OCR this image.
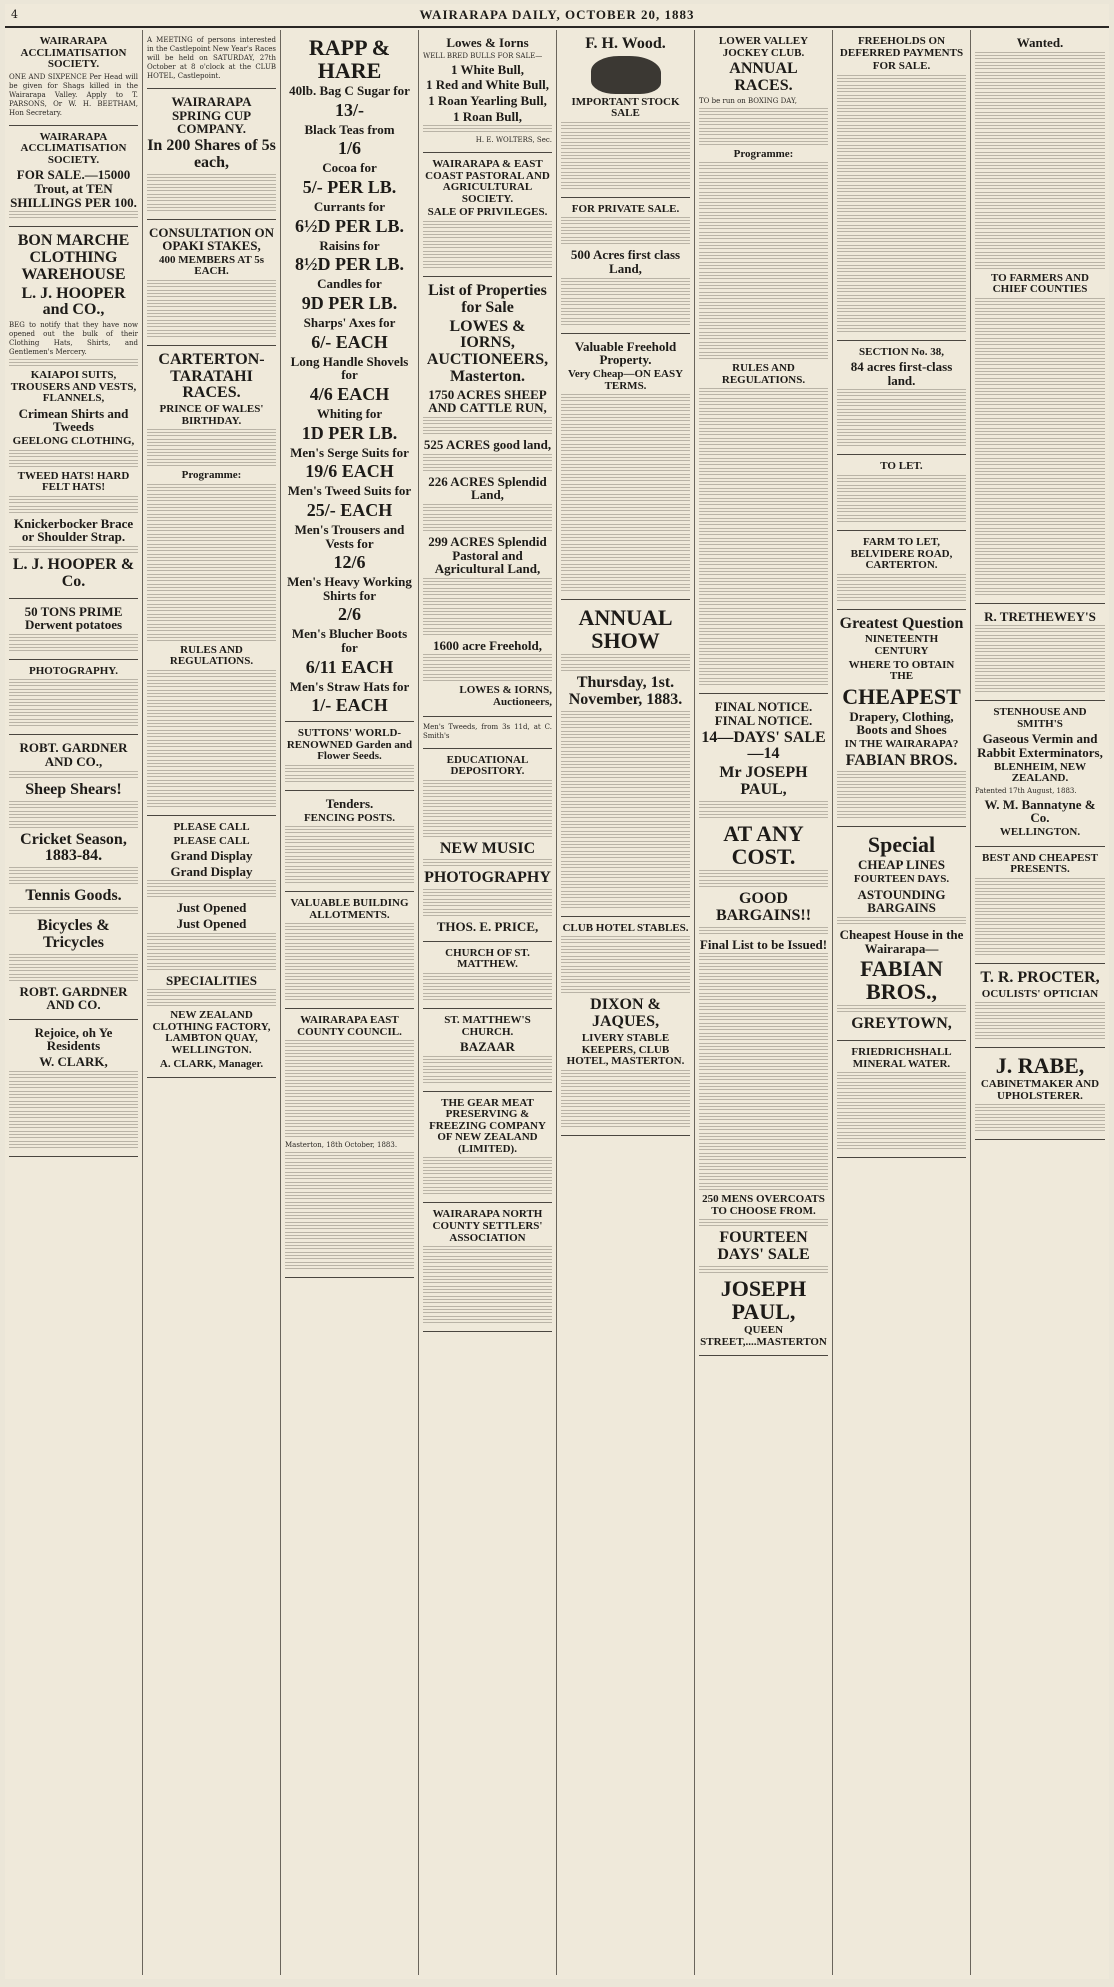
4	WAIRARAPA DAILY, OCTOBER 20, 1883
WAIRARAPA ACCLIMATISATION SOCIETY.
ONE AND SIXPENCE Per Head will be given for Shags killed in the Wairarapa Valley. Apply to T. PARSONS, Or W. H. BEETHAM, Hon Secretary.
WAIRARAPA ACCLIMATISATION SOCIETY.
FOR SALE.—15000 Trout, at TEN SHILLINGS PER 100.
BON MARCHE CLOTHING WAREHOUSE
L. J. HOOPER and CO.,
BEG to notify that they have now opened out the bulk of their Clothing Hats, Shirts, and Gentlemen's Mercery.
KAIAPOI SUITS, TROUSERS AND VESTS, FLANNELS,
Crimean Shirts and Tweeds
GEELONG CLOTHING,
TWEED HATS! HARD FELT HATS!
Knickerbocker Brace or Shoulder Strap.
L. J. HOOPER & Co.
50 TONS PRIME Derwent potatoes
PHOTOGRAPHY.
ROBT. GARDNER AND CO.,
Sheep Shears!
Cricket Season, 1883-84.
Tennis Goods.
Bicycles & Tricycles
ROBT. GARDNER AND CO.
Rejoice, oh Ye Residents
W. CLARK,
A MEETING of persons interested in the Castlepoint New Year's Races will be held on SATURDAY, 27th October at 8 o'clock at the CLUB HOTEL, Castlepoint.
WAIRARAPA SPRING CUP COMPANY.
In 200 Shares of 5s each,
CONSULTATION ON OPAKI STAKES,
400 MEMBERS AT 5s EACH.
CARTERTON-TARATAHI RACES.
PRINCE OF WALES' BIRTHDAY.
Programme:
RULES AND REGULATIONS.
PLEASE CALL
PLEASE CALL
Grand Display
Grand Display
Just Opened
Just Opened
SPECIALITIES
NEW ZEALAND CLOTHING FACTORY, LAMBTON QUAY, WELLINGTON.
A. CLARK, Manager.
RAPP & HARE
40lb. Bag C Sugar for
13/-
Black Teas from
1/6
Cocoa for
5/- PER LB.
Currants for
6½D PER LB.
Raisins for
8½D PER LB.
Candles for
9D PER LB.
Sharps' Axes for
6/- EACH
Long Handle Shovels for
4/6 EACH
Whiting for
1D PER LB.
Men's Serge Suits for
19/6 EACH
Men's Tweed Suits for
25/- EACH
Men's Trousers and Vests for
12/6
Men's Heavy Working Shirts for
2/6
Men's Blucher Boots for
6/11 EACH
Men's Straw Hats for
1/- EACH
SUTTONS' WORLD-RENOWNED Garden and Flower Seeds.
Tenders.
FENCING POSTS.
VALUABLE BUILDING ALLOTMENTS.
WAIRARAPA EAST COUNTY COUNCIL.
Masterton, 18th October, 1883.
Lowes & Iorns
WELL BRED BULLS FOR SALE—
1 White Bull,
1 Red and White Bull,
1 Roan Yearling Bull,
1 Roan Bull,
H. E. WOLTERS, Sec.
WAIRARAPA & EAST COAST PASTORAL AND AGRICULTURAL SOCIETY.
SALE OF PRIVILEGES.
List of Properties for Sale
LOWES & IORNS, AUCTIONEERS, Masterton.
1750 ACRES SHEEP AND CATTLE RUN,
525 ACRES good land,
226 ACRES Splendid Land,
299 ACRES Splendid Pastoral and Agricultural Land,
1600 acre Freehold,
LOWES & IORNS, Auctioneers,
Men's Tweeds, from 3s 11d, at C. Smith's
EDUCATIONAL DEPOSITORY.
NEW MUSIC
PHOTOGRAPHY
THOS. E. PRICE,
CHURCH OF ST. MATTHEW.
ST. MATTHEW'S CHURCH.
BAZAAR
THE GEAR MEAT PRESERVING & FREEZING COMPANY OF NEW ZEALAND (LIMITED).
WAIRARAPA NORTH COUNTY SETTLERS' ASSOCIATION
F. H. Wood.
IMPORTANT STOCK SALE
FOR PRIVATE SALE.
500 Acres first class Land,
Valuable Freehold Property.
Very Cheap—ON EASY TERMS.
ANNUAL SHOW
Thursday, 1st. November, 1883.
CLUB HOTEL STABLES.
DIXON & JAQUES,
LIVERY STABLE KEEPERS, CLUB HOTEL, MASTERTON.
LOWER VALLEY JOCKEY CLUB.
ANNUAL RACES.
TO be run on BOXING DAY,
Programme:
RULES AND REGULATIONS.
FINAL NOTICE. FINAL NOTICE.
14—DAYS' SALE—14
Mr JOSEPH PAUL,
AT ANY COST.
GOOD BARGAINS!!
Final List to be Issued!
250 MENS OVERCOATS TO CHOOSE FROM.
FOURTEEN DAYS' SALE
JOSEPH PAUL,
QUEEN STREET,....MASTERTON
FREEHOLDS ON DEFERRED PAYMENTS
FOR SALE.
SECTION No. 38,
84 acres first-class land.
TO LET.
FARM TO LET, BELVIDERE ROAD, CARTERTON.
Greatest Question
NINETEENTH CENTURY
WHERE TO OBTAIN THE
CHEAPEST
Drapery, Clothing, Boots and Shoes
IN THE WAIRARAPA?
FABIAN BROS.
Special
CHEAP LINES
FOURTEEN DAYS.
ASTOUNDING BARGAINS
Cheapest House in the Wairarapa—
FABIAN BROS.,
GREYTOWN,
FRIEDRICHSHALL MINERAL WATER.
Wanted.
TO FARMERS AND CHIEF COUNTIES
R. TRETHEWEY'S
STENHOUSE AND SMITH'S
Gaseous Vermin and Rabbit Exterminators,
BLENHEIM, NEW ZEALAND.
Patented 17th August, 1883.
W. M. Bannatyne & Co.
WELLINGTON.
BEST AND CHEAPEST PRESENTS.
T. R. PROCTER,
OCULISTS' OPTICIAN
J. RABE,
CABINETMAKER AND UPHOLSTERER.
